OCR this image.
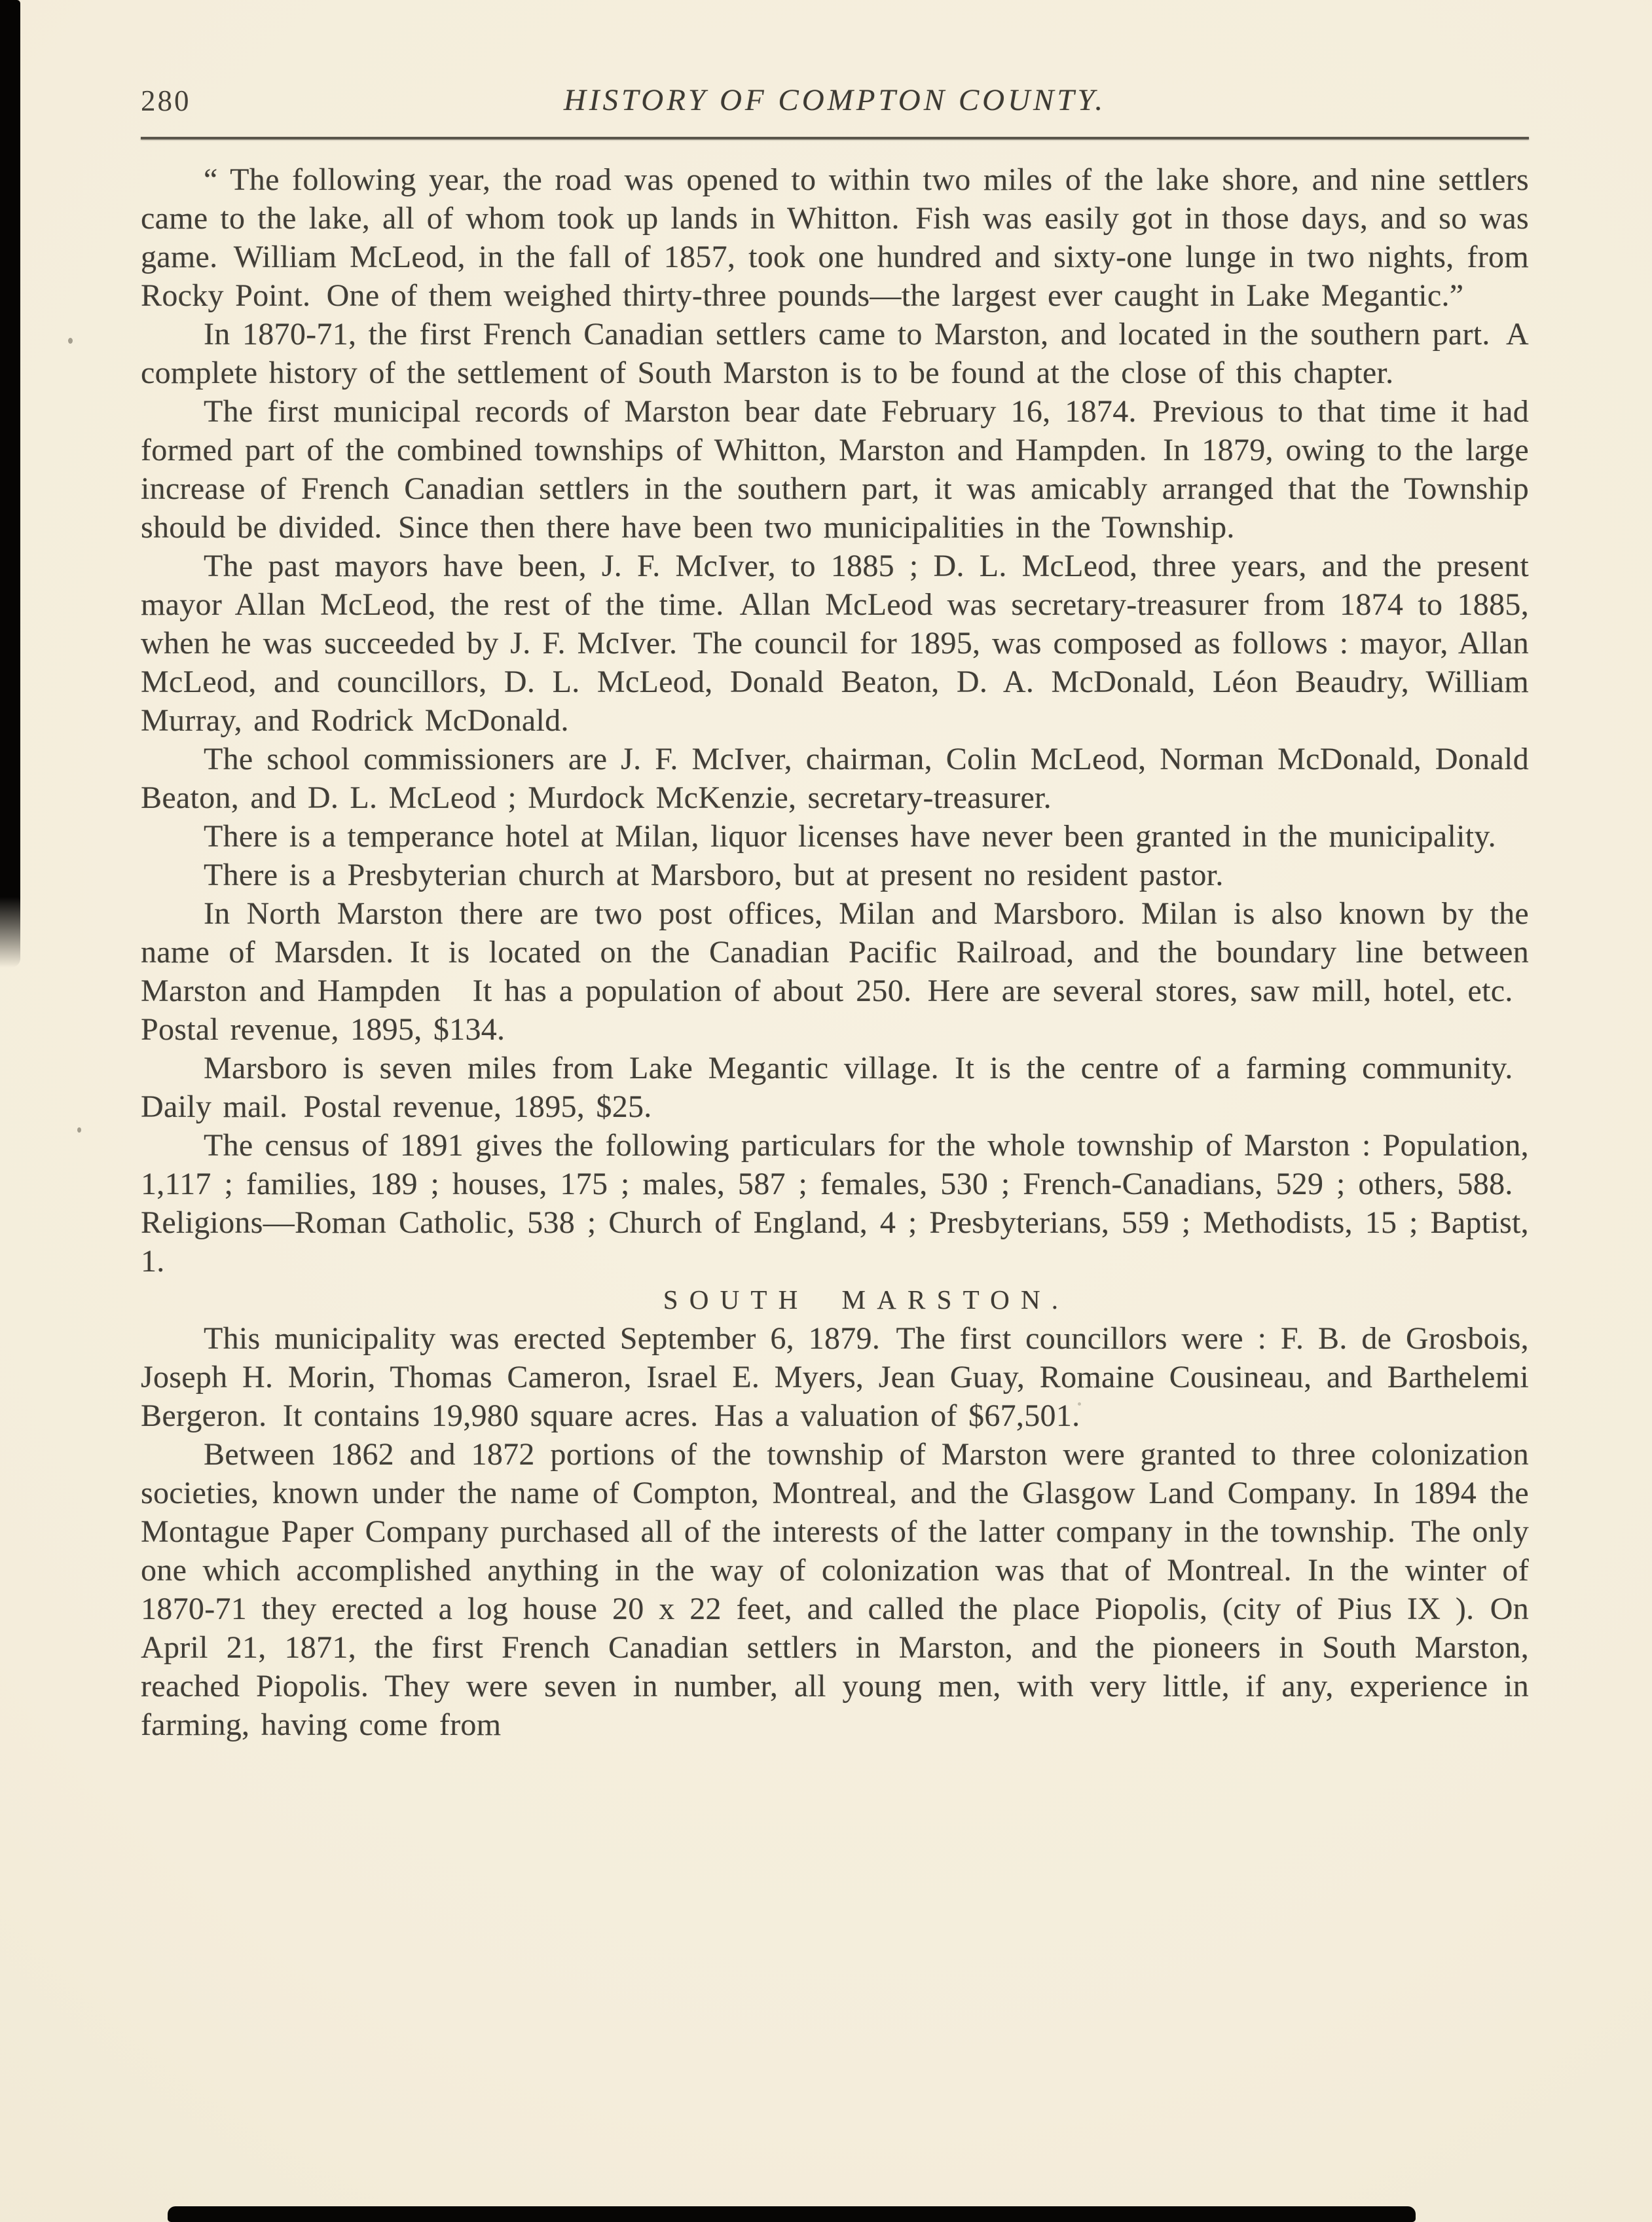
280	HISTORY OF COMPTON COUNTY.

“ The following year, the road was opened to within two miles of the lake shore, and nine settlers came to the lake, all of whom took up lands in Whitton. Fish was easily got in those days, and so was game. William McLeod, in the fall of 1857, took one hundred and sixty-one lunge in two nights, from Rocky Point. One of them weighed thirty-three pounds—the largest ever caught in Lake Megantic.”

In 1870-71, the first French Canadian settlers came to Marston, and located in the southern part. A complete history of the settlement of South Marston is to be found at the close of this chapter.

The first municipal records of Marston bear date February 16, 1874. Previous to that time it had formed part of the combined townships of Whitton, Marston and Hampden. In 1879, owing to the large increase of French Canadian settlers in the southern part, it was amicably arranged that the Township should be divided. Since then there have been two municipalities in the Township.

The past mayors have been, J. F. McIver, to 1885 ; D. L. McLeod, three years, and the present mayor Allan McLeod, the rest of the time. Allan McLeod was secretary-treasurer from 1874 to 1885, when he was succeeded by J. F. McIver. The council for 1895, was composed as follows : mayor, Allan McLeod, and councillors, D. L. McLeod, Donald Beaton, D. A. McDonald, Léon Beaudry, William Murray, and Rodrick McDonald.

The school commissioners are J. F. McIver, chairman, Colin McLeod, Norman McDonald, Donald Beaton, and D. L. McLeod ; Murdock McKenzie, secretary-treasurer.

There is a temperance hotel at Milan, liquor licenses have never been granted in the municipality.

There is a Presbyterian church at Marsboro, but at present no resident pastor.

In North Marston there are two post offices, Milan and Marsboro. Milan is also known by the name of Marsden. It is located on the Canadian Pacific Railroad, and the boundary line between Marston and Hampden It has a population of about 250. Here are several stores, saw mill, hotel, etc. Postal revenue, 1895, $134.

Marsboro is seven miles from Lake Megantic village. It is the centre of a farming community. Daily mail. Postal revenue, 1895, $25.

The census of 1891 gives the following particulars for the whole township of Marston : Population, 1,117 ; families, 189 ; houses, 175 ; males, 587 ; females, 530 ; French-Canadians, 529 ; others, 588. Religions—Roman Catholic, 538 ; Church of England, 4 ; Presbyterians, 559 ; Methodists, 15 ; Baptist, 1.

SOUTH MARSTON.

This municipality was erected September 6, 1879. The first councillors were : F. B. de Grosbois, Joseph H. Morin, Thomas Cameron, Israel E. Myers, Jean Guay, Romaine Cousineau, and Barthelemi Bergeron. It contains 19,980 square acres. Has a valuation of $67,501.

Between 1862 and 1872 portions of the township of Marston were granted to three colonization societies, known under the name of Compton, Montreal, and the Glasgow Land Company. In 1894 the Montague Paper Company purchased all of the interests of the latter company in the township. The only one which accomplished anything in the way of colonization was that of Montreal. In the winter of 1870-71 they erected a log house 20 x 22 feet, and called the place Piopolis, (city of Pius IX ). On April 21, 1871, the first French Canadian settlers in Marston, and the pioneers in South Marston, reached Piopolis. They were seven in number, all young men, with very little, if any, experience in farming, having come from
